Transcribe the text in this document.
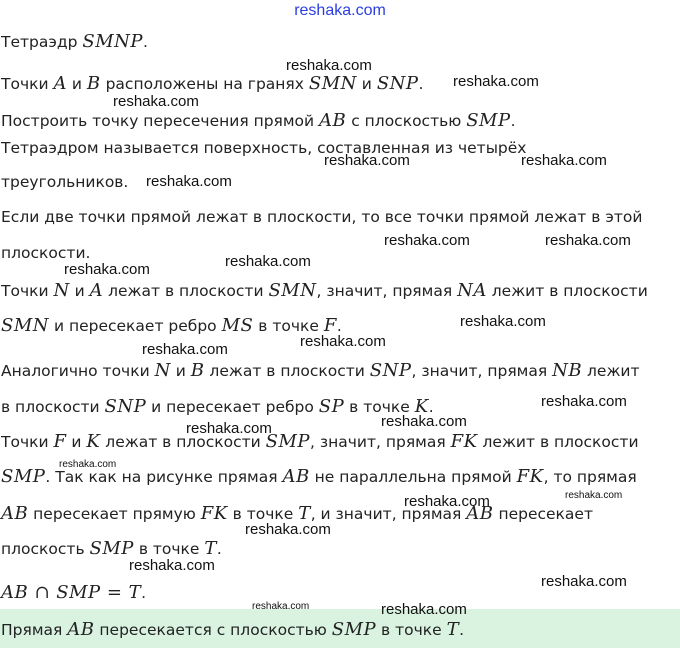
reshaka.com
Тетраэдр SMNP.
Точки A и B расположены на гранях SMN и SNP.
Построить точку пересечения прямой AB с плоскостью SMP.
Тетраэдром называется поверхность, составленная из четырёх
треугольников.
Если две точки прямой лежат в плоскости, то все точки прямой лежат в этой
плоскости.
Точки N и A лежат в плоскости SMN, значит, прямая NA лежит в плоскости
SMN и пересекает ребро MS в точке F.
Аналогично точки N и B лежат в плоскости SNP, значит, прямая NB лежит
в плоскости SNP и пересекает ребро SP в точке K.
Точки F и K лежат в плоскости SMP, значит, прямая FK лежит в плоскости
SMP. Так как на рисунке прямая AB не параллельна прямой FK, то прямая
AB пересекает прямую FK в точке T, и значит, прямая AB пересекает
плоскость SMP в точке T.
AB ∩ SMP = T.
Прямая AB пересекается с плоскостью SMP в точке T.
reshaka.com
reshaka.com
reshaka.com
reshaka.com	reshaka.com
reshaka.com
reshaka.com	reshaka.com
reshaka.com	reshaka.com
reshaka.com
reshaka.com
reshaka.com
reshaka.com
reshaka.com
reshaka.com
reshaka.com
reshaka.com
reshaka.com
reshaka.com
reshaka.com
reshaka.com
reshaka.com
reshaka.com
